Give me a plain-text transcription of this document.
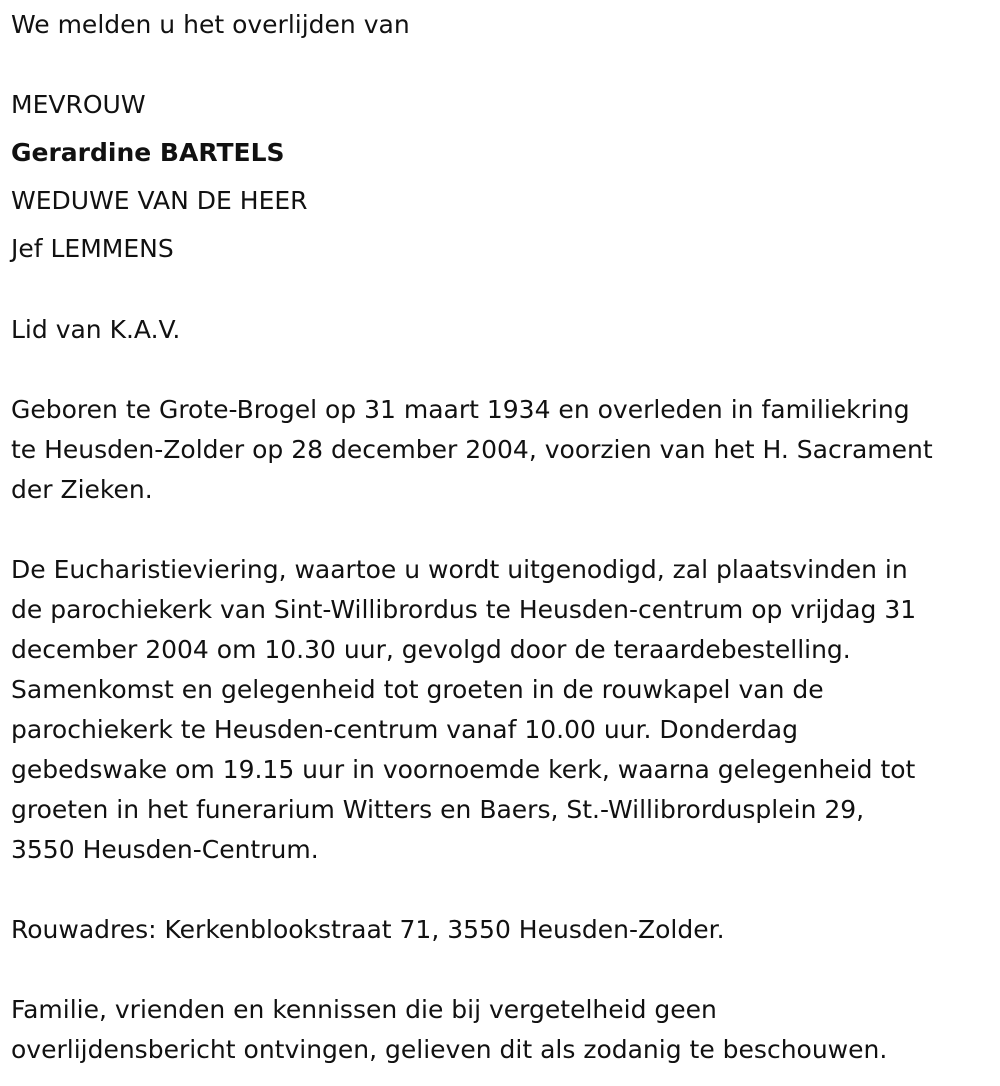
We melden u het overlijden van
MEVROUW
Gerardine BARTELS
WEDUWE VAN DE HEER
Jef LEMMENS
Lid van K.A.V.
Geboren te Grote-Brogel op 31 maart 1934 en overleden in familiekring
te Heusden-Zolder op 28 december 2004, voorzien van het H. Sacrament
der Zieken.
De Eucharistieviering, waartoe u wordt uitgenodigd, zal plaatsvinden in
de parochiekerk van Sint-Willibrordus te Heusden-centrum op vrijdag 31
december 2004 om 10.30 uur, gevolgd door de teraardebestelling.
Samenkomst en gelegenheid tot groeten in de rouwkapel van de
parochiekerk te Heusden-centrum vanaf 10.00 uur. Donderdag
gebedswake om 19.15 uur in voornoemde kerk, waarna gelegenheid tot
groeten in het funerarium Witters en Baers, St.-Willibrordusplein 29,
3550 Heusden-Centrum.
Rouwadres: Kerkenblookstraat 71, 3550 Heusden-Zolder.
Familie, vrienden en kennissen die bij vergetelheid geen
overlijdensbericht ontvingen, gelieven dit als zodanig te beschouwen.
